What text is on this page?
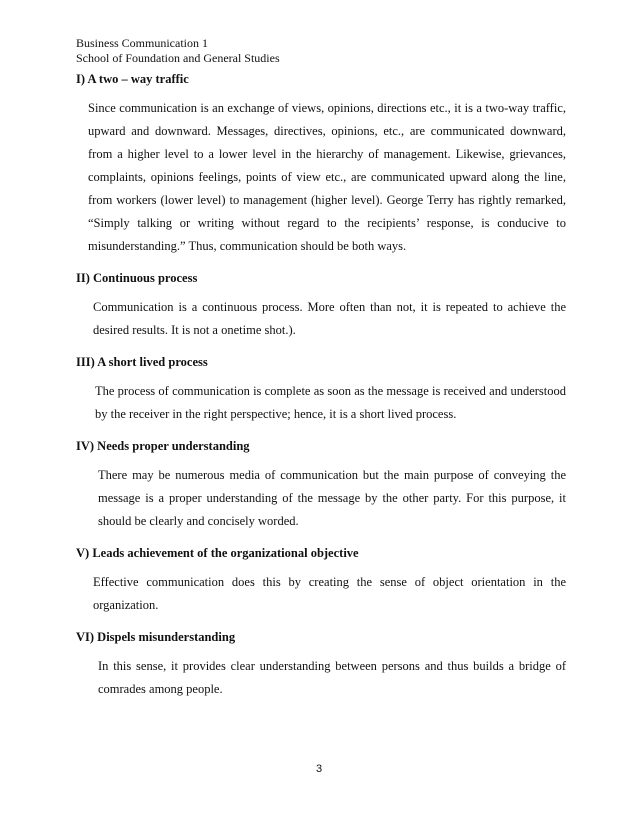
Business Communication 1
School of Foundation and General Studies
I) A two – way traffic

Since communication is an exchange of views, opinions, directions etc., it is a two-way traffic, upward and downward. Messages, directives, opinions, etc., are communicated downward, from a higher level to a lower level in the hierarchy of management. Likewise, grievances, complaints, opinions feelings, points of view etc., are communicated upward along the line, from workers (lower level) to management (higher level). George Terry has rightly remarked, “Simply talking or writing without regard to the recipients’ response, is conducive to misunderstanding.” Thus, communication should be both ways.

II) Continuous process

Communication is a continuous process. More often than not, it is repeated to achieve the desired results. It is not a onetime shot.).

III) A short lived process

The process of communication is complete as soon as the message is received and understood by the receiver in the right perspective; hence, it is a short lived process.

IV) Needs proper understanding

There may be numerous media of communication but the main purpose of conveying the message is a proper understanding of the message by the other party. For this purpose, it should be clearly and concisely worded.

V) Leads achievement of the organizational objective

Effective communication does this by creating the sense of object orientation in the organization.

VI) Dispels misunderstanding

In this sense, it provides clear understanding between persons and thus builds a bridge of comrades among people.

3
